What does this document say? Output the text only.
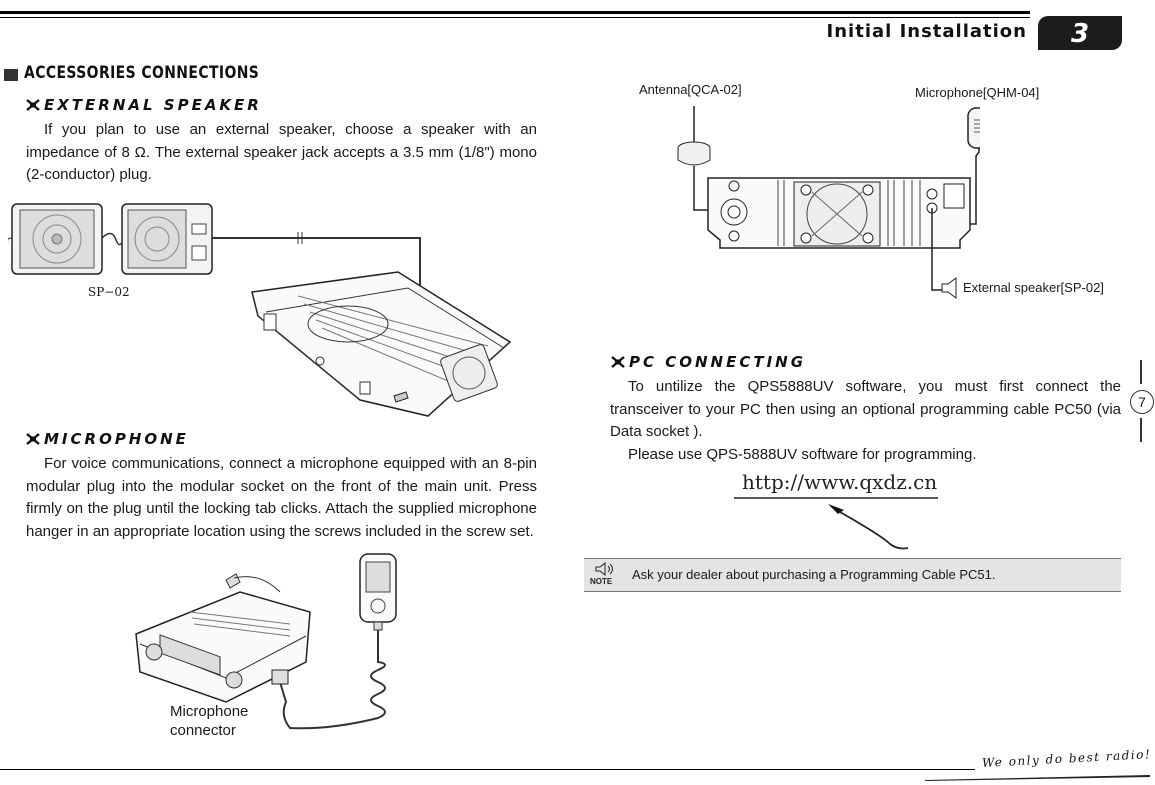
Initial Installation	3
ACCESSORIES CONNECTIONS
EXTERNAL SPEAKER
If you plan to use an external speaker, choose a speaker with an impedance of 8 Ω. The external speaker jack accepts a 3.5 mm (1/8") mono (2-conductor) plug.
SP−02
MICROPHONE
For voice communications, connect a microphone equipped with an 8-pin modular plug into the modular socket on the front of the main unit. Press firmly on the plug until the locking tab clicks. Attach the supplied microphone hanger in an appropriate location using the screws included in the screw set.
Microphone
connector
Antenna[QCA-02]	Microphone[QHM-04]
External speaker[SP-02]
PC CONNECTING
To untilize the QPS5888UV software, you must first connect the transceiver to your PC then using an optional programming cable PC50 (via Data socket ).
Please use QPS-5888UV software for programming.
http://www.qxdz.cn
NOTE Ask your dealer about purchasing a Programming Cable PC51.
7
We only do best radio!
